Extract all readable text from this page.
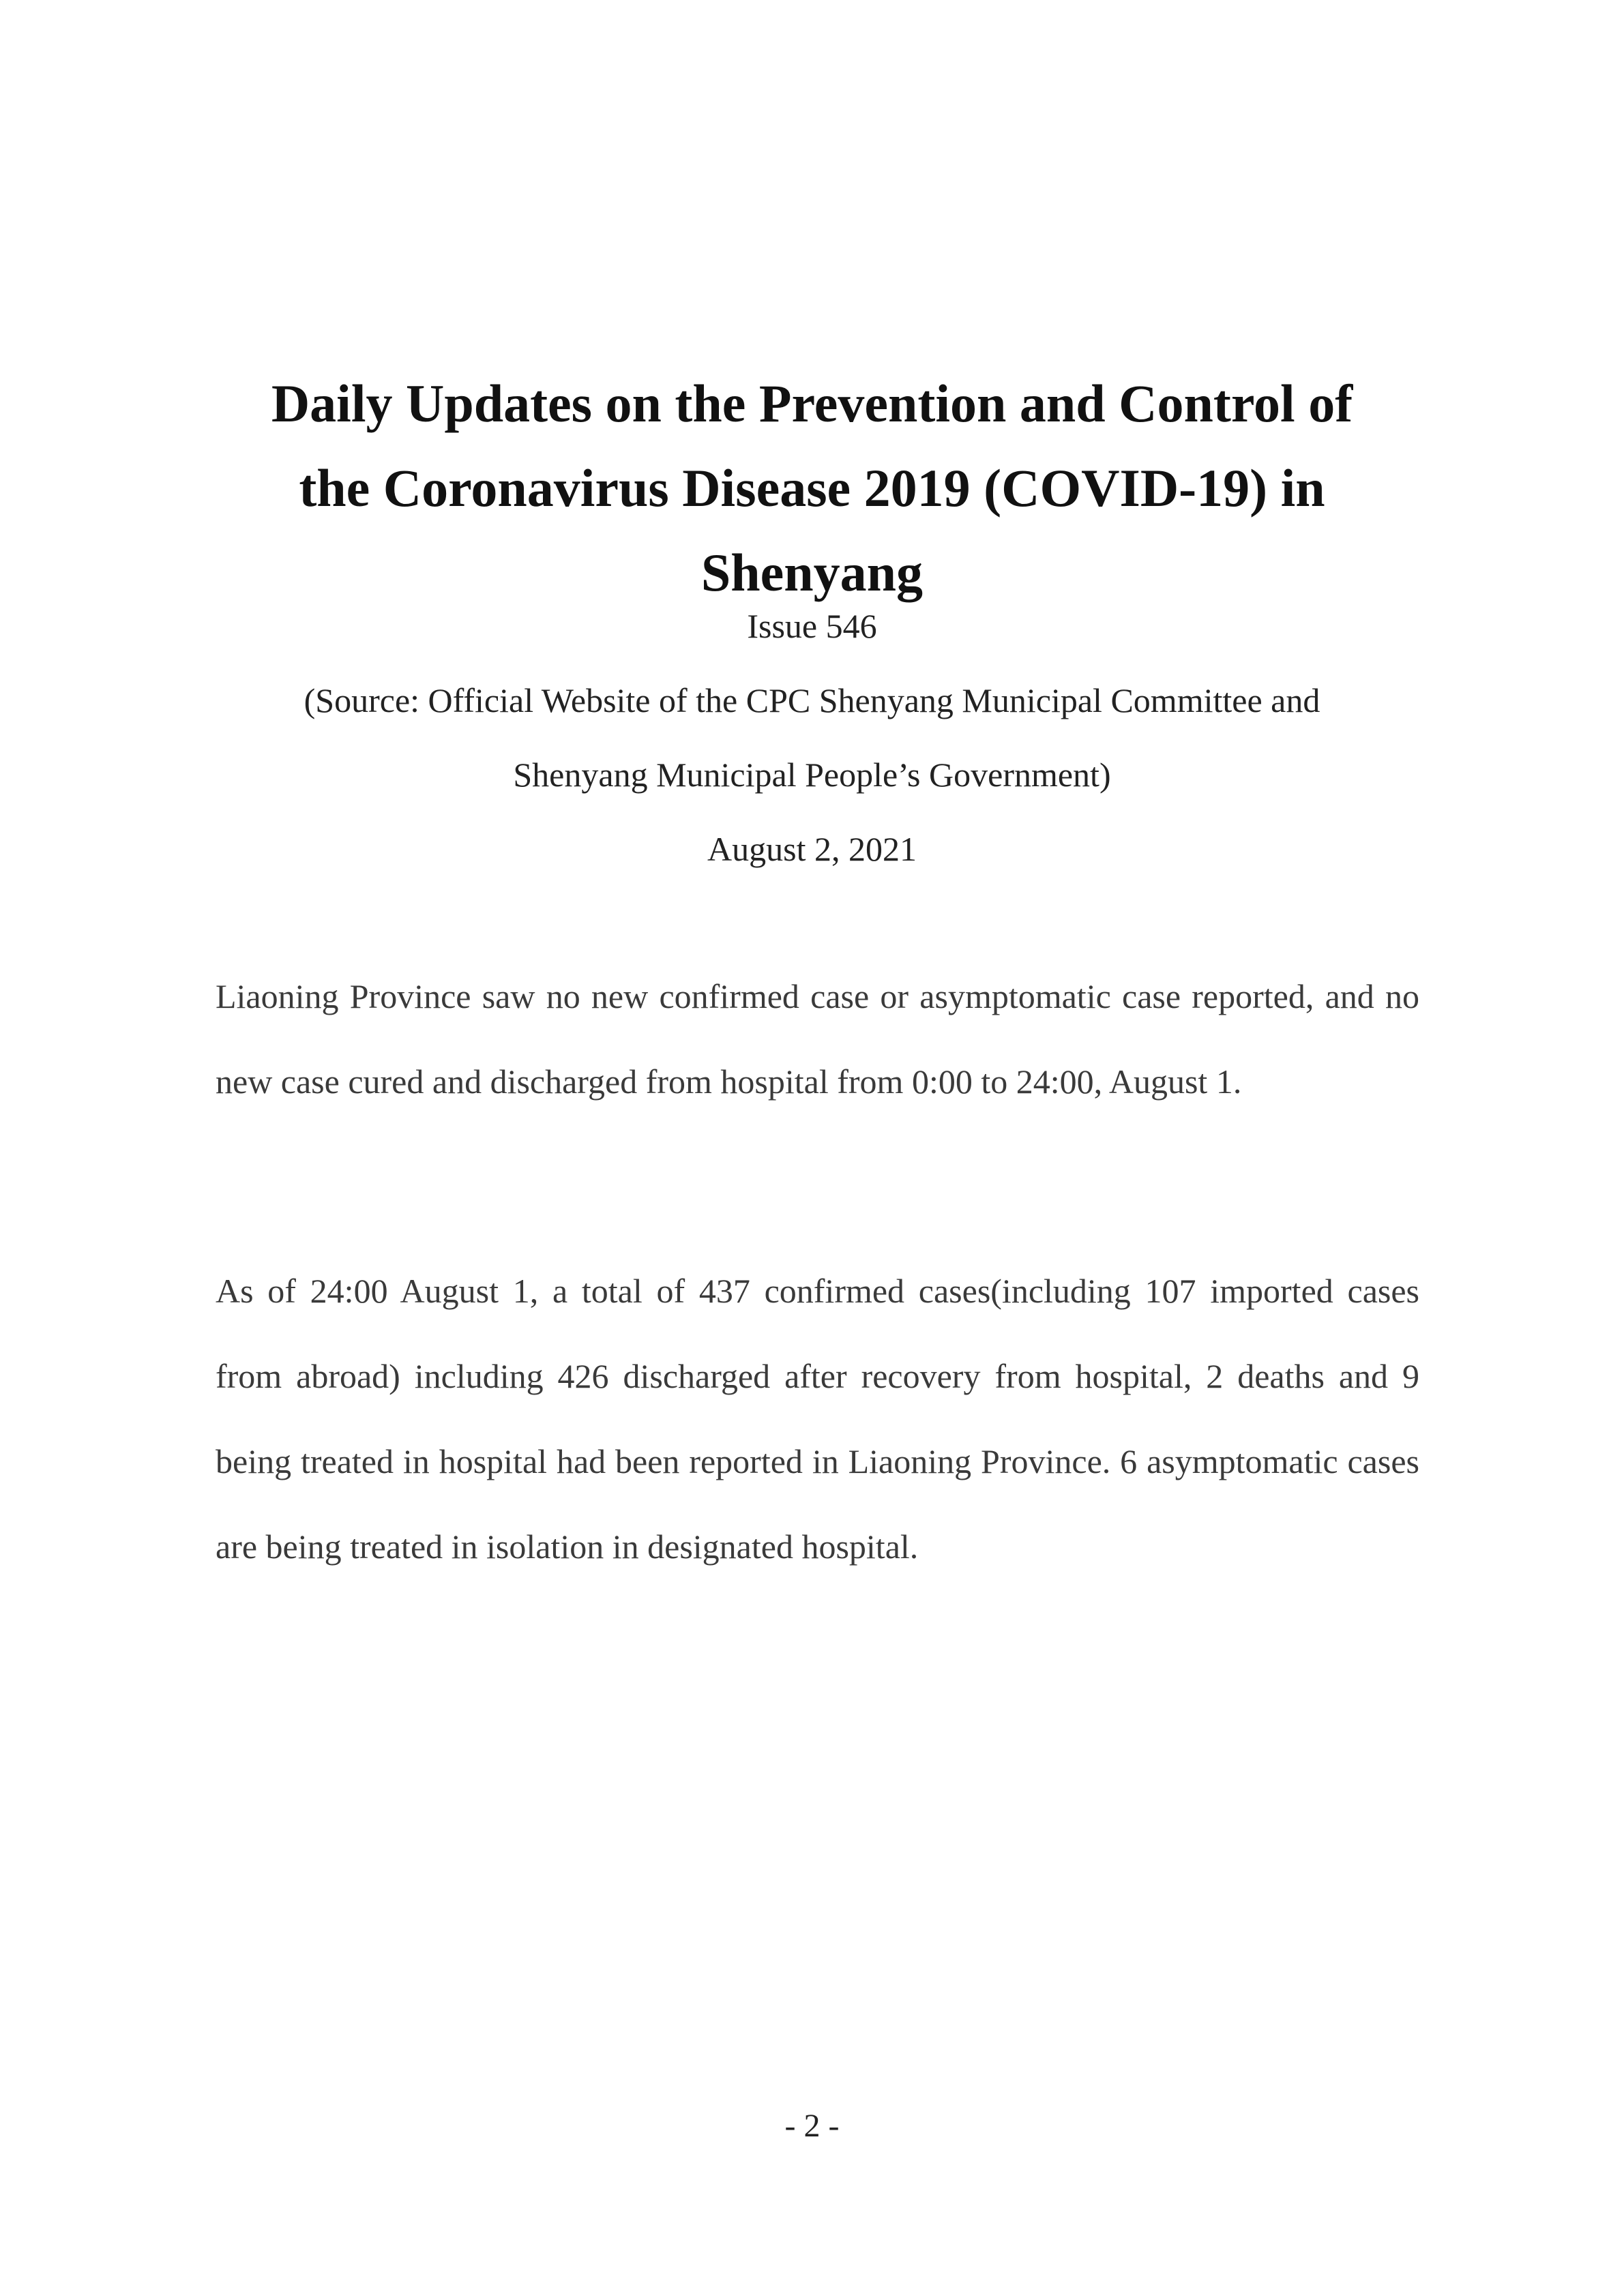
Daily Updates on the Prevention and Control of
the Coronavirus Disease 2019 (COVID-19) in
Shenyang
Issue 546
(Source: Official Website of the CPC Shenyang Municipal Committee and
Shenyang Municipal People’s Government)
August 2, 2021

Liaoning Province saw no new confirmed case or asymptomatic case reported, and no new case cured and discharged from hospital from 0:00 to 24:00, August 1.

As of 24:00 August 1, a total of 437 confirmed cases(including 107 imported cases from abroad) including 426 discharged after recovery from hospital, 2 deaths and 9 being treated in hospital had been reported in Liaoning Province. 6 asymptomatic cases are being treated in isolation in designated hospital.

- 2 -
